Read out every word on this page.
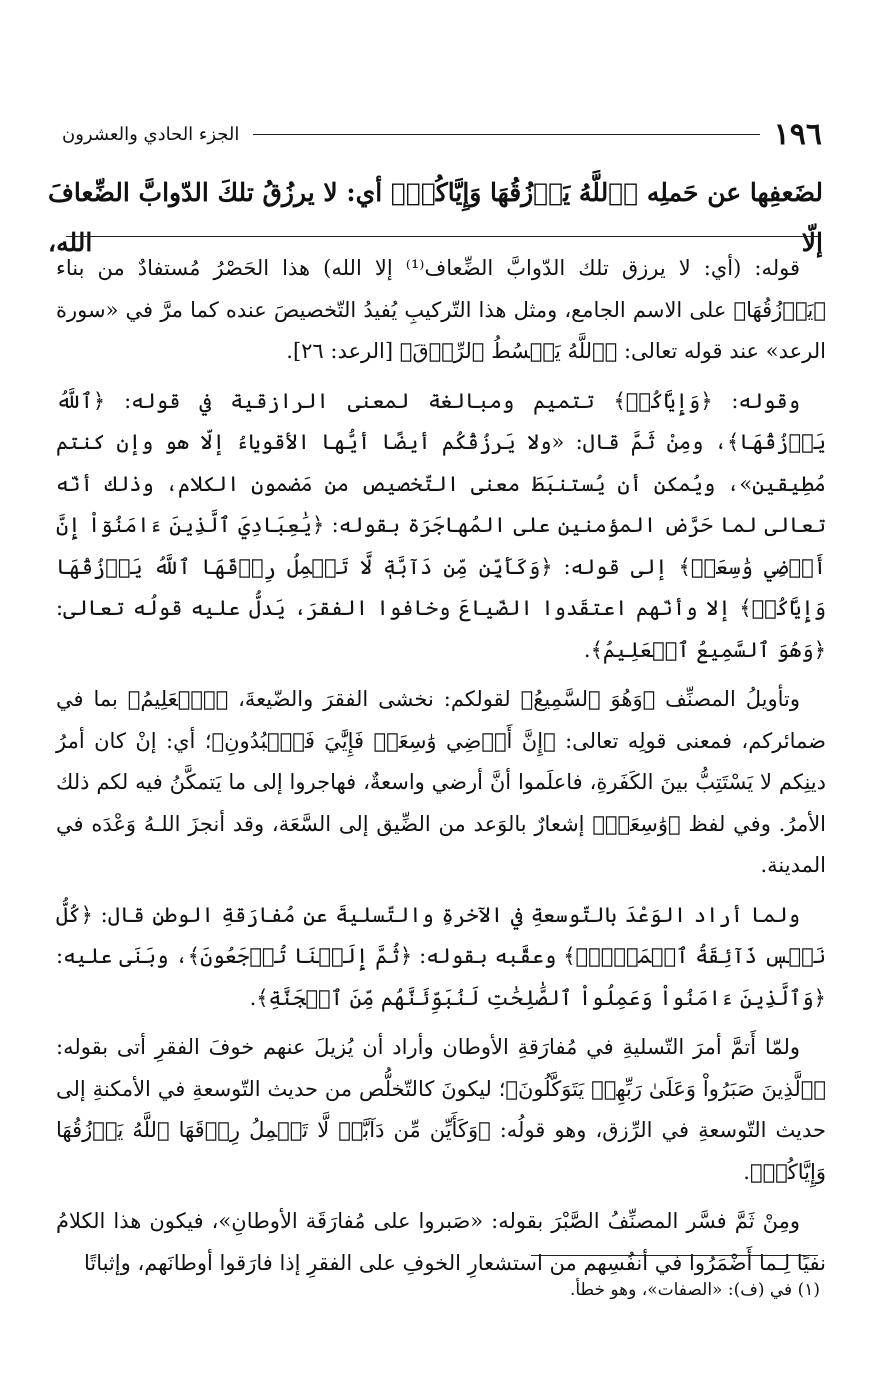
١٩٦
الجزء الحادي والعشرون
لضَعفِها عن حَملِه ﴿ٱللَّهُ يَرۡزُقُهَا وَإِيَّاكُمۡ﴾ أي: لا يرزُقُ تلكَ الدّوابَّ الضِّعافَ إلّا الله،

قوله: (أي: لا يرزق تلك الدّوابَّ الضِّعاف⁽¹⁾ إلا الله) هذا الحَصْرُ مُستفادٌ من بناء ﴿يَرۡزُقُهَا﴾ على الاسم الجامع، ومثل هذا التّركيبِ يُفيدُ التّخصيصَ عنده كما مرَّ في «سورة الرعد» عند قوله تعالى: ﴿ٱللَّهُ يَبۡسُطُ ٱلرِّزۡقَ﴾ [الرعد: ٢٦].

وقوله: ﴿وَإِيَّاكُمۡ﴾ تتميم ومبالغة لمعنى الرازقية في قوله: ﴿ٱللَّهُ يَرۡزُقُهَا﴾، ومِنْ ثَمَّ قال: «ولا يَرزُقُكُم أيضًا أيُّها الأقوياءُ إلّا هو وإن كنتم مُطِيقين»، ويُمكن أن يُستنبَطَ معنى التّخصيص من مَضمون الكلام، وذلك أنّه تعالى لما حَرَّض المؤمنين على المُهاجَرَة بقوله: ﴿يَٰعِبَادِيَ ٱلَّذِينَ ءَامَنُوٓاْ إِنَّ أَرۡضِي وَٰسِعَةٞ﴾ إلى قوله: ﴿وَكَأَيِّن مِّن دَآبَّةٖ لَّا تَحۡمِلُ رِزۡقَهَا ٱللَّهُ يَرۡزُقُهَا وَإِيَّاكُمۡ﴾ إلا وأنّهم اعتقَدوا الضّياعَ وخافوا الفقرَ، يَدلُّ عليه قولُه تعالى: ﴿وَهُوَ ٱلسَّمِيعُ ٱلۡعَلِيمُ﴾.

وتأويلُ المصنِّف ﴿وَهُوَ ٱلسَّمِيعُ﴾ لقولكم: نخشى الفقرَ والضّيعةَ، ﴿ٱلۡعَلِيمُ﴾ بما في ضمائركم، فمعنى قولِه تعالى: ﴿إِنَّ أَرۡضِي وَٰسِعَةٞ فَإِيَّٰيَ فَٱعۡبُدُونِ﴾؛ أي: إنْ كان أمرُ دينِكم لا يَسْتَتِبُّ بينَ الكَفَرةِ، فاعلَموا أنَّ أرضي واسعةٌ، فهاجروا إلى ما يَتمكَّنُ فيه لكم ذلك الأمرُ. وفي لفظ ﴿وَٰسِعَةٞ﴾ إشعارٌ بالوَعد من الضِّيق إلى السَّعَة، وقد أنجزَ اللـهُ وَعْدَه في المدينة.

ولما أراد الوَعْدَ بالتّوسعةِ في الآخرةِ والتّسليةَ عن مُفارَقةِ الوطنِ قال: ﴿كُلُّ نَفۡسٖ ذَآئِقَةُ ٱلۡمَوۡتِۖ﴾ وعقَّبه بقوله: ﴿ثُمَّ إِلَيۡنَا تُرۡجَعُونَ﴾، وبَنَى عليه: ﴿وَٱلَّذِينَ ءَامَنُواْ وَعَمِلُواْ ٱلصَّٰلِحَٰتِ لَنُبَوِّئَنَّهُم مِّنَ ٱلۡجَنَّةِ﴾.

ولمّا أَتمَّ أمرَ التّسليةِ في مُفارَقةِ الأوطان وأراد أن يُزيلَ عنهم خوفَ الفقرِ أتى بقوله: ﴿ٱلَّذِينَ صَبَرُواْ وَعَلَىٰ رَبِّهِمۡ يَتَوَكَّلُونَ﴾؛ ليكونَ كالتّخلُّص من حديث التّوسعةِ في الأمكنةِ إلى حديث التّوسعةِ في الرِّزق، وهو قولُه: ﴿وَكَأَيِّن مِّن دَآبَّةٖ لَّا تَحۡمِلُ رِزۡقَهَا ٱللَّهُ يَرۡزُقُهَا وَإِيَّاكُمۡ﴾.

ومِنْ ثَمَّ فسَّر المصنِّفُ الصَّبْرَ بقوله: «صَبروا على مُفارَقَة الأوطانِ»، فيكون هذا الكلامُ نفيًا لِـما أَضْمَرُوا في أنفُسِهم من استشعارِ الخوفِ على الفقرِ إذا فارَقوا أوطانَهم، وإثباتًا

(١) في (ف): «الصفات»، وهو خطأ.
